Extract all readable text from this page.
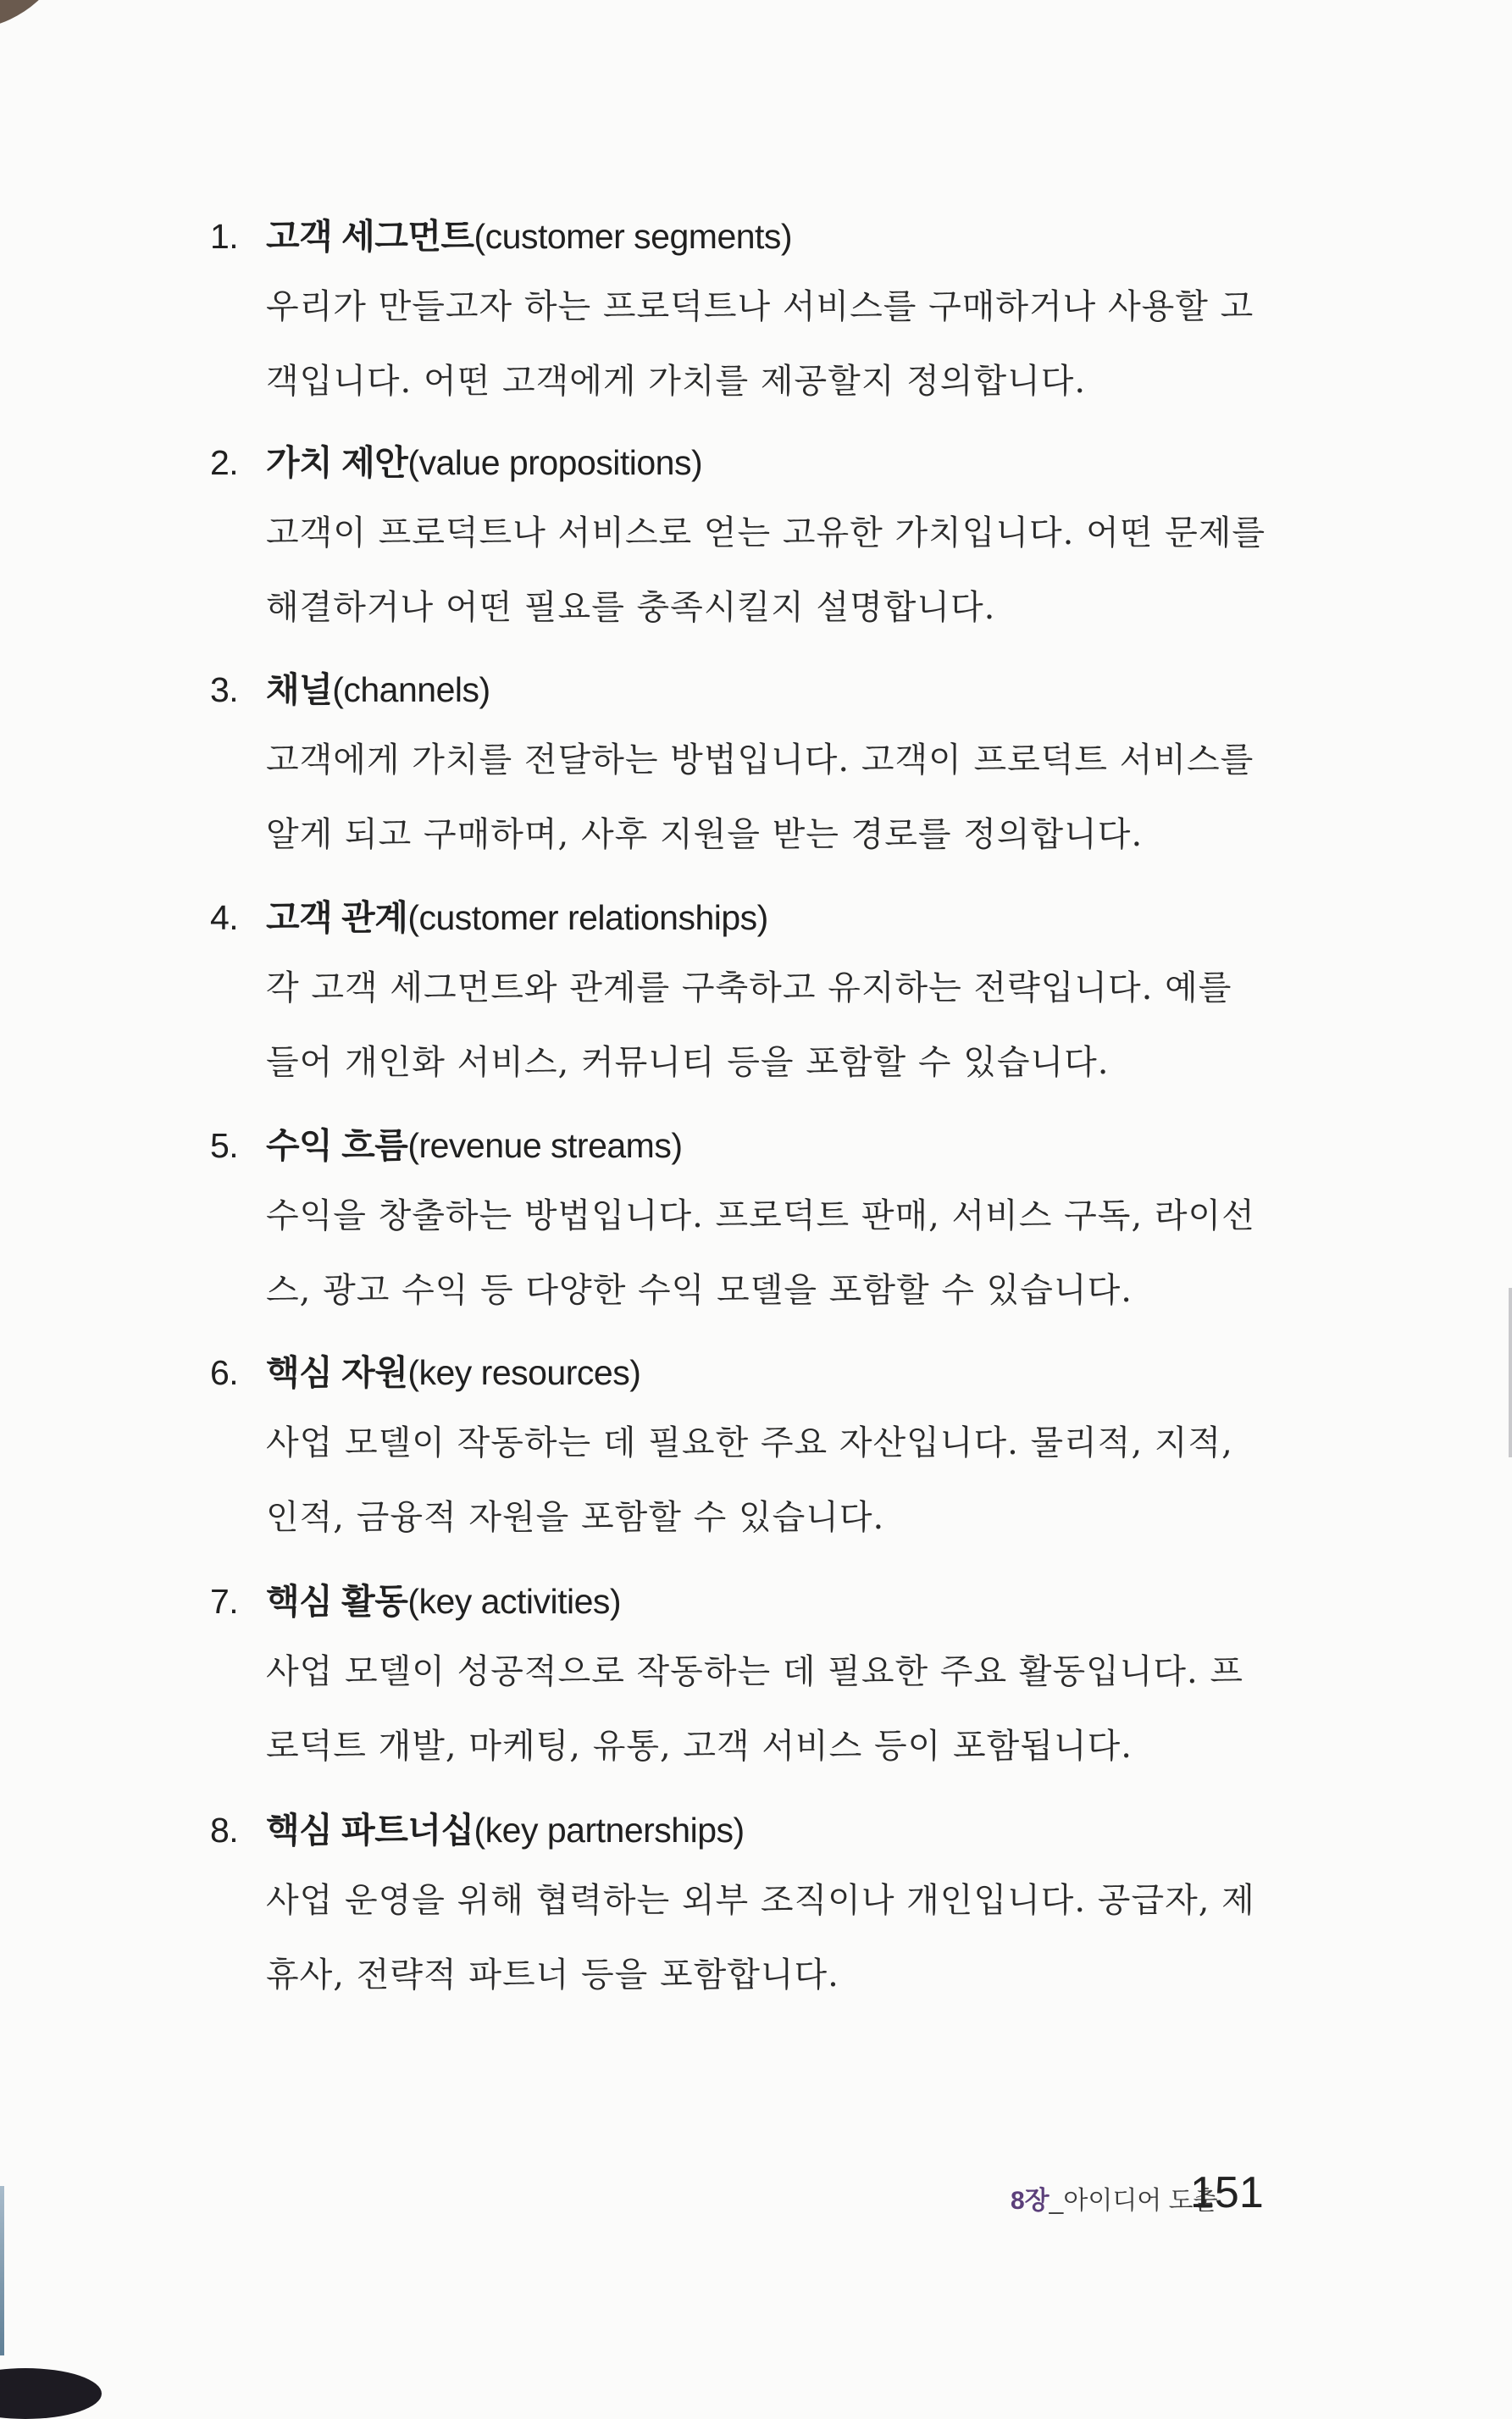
1. 고객 세그먼트(customer segments)
우리가 만들고자 하는 프로덕트나 서비스를 구매하거나 사용할 고
객입니다. 어떤 고객에게 가치를 제공할지 정의합니다.
2. 가치 제안(value propositions)
고객이 프로덕트나 서비스로 얻는 고유한 가치입니다. 어떤 문제를
해결하거나 어떤 필요를 충족시킬지 설명합니다.
3. 채널(channels)
고객에게 가치를 전달하는 방법입니다. 고객이 프로덕트 서비스를
알게 되고 구매하며, 사후 지원을 받는 경로를 정의합니다.
4. 고객 관계(customer relationships)
각 고객 세그먼트와 관계를 구축하고 유지하는 전략입니다. 예를
들어 개인화 서비스, 커뮤니티 등을 포함할 수 있습니다.
5. 수익 흐름(revenue streams)
수익을 창출하는 방법입니다. 프로덕트 판매, 서비스 구독, 라이선
스, 광고 수익 등 다양한 수익 모델을 포함할 수 있습니다.
6. 핵심 자원(key resources)
사업 모델이 작동하는 데 필요한 주요 자산입니다. 물리적, 지적,
인적, 금융적 자원을 포함할 수 있습니다.
7. 핵심 활동(key activities)
사업 모델이 성공적으로 작동하는 데 필요한 주요 활동입니다. 프
로덕트 개발, 마케팅, 유통, 고객 서비스 등이 포함됩니다.
8. 핵심 파트너십(key partnerships)
사업 운영을 위해 협력하는 외부 조직이나 개인입니다. 공급자, 제
휴사, 전략적 파트너 등을 포함합니다.
8장_아이디어 도출
151
